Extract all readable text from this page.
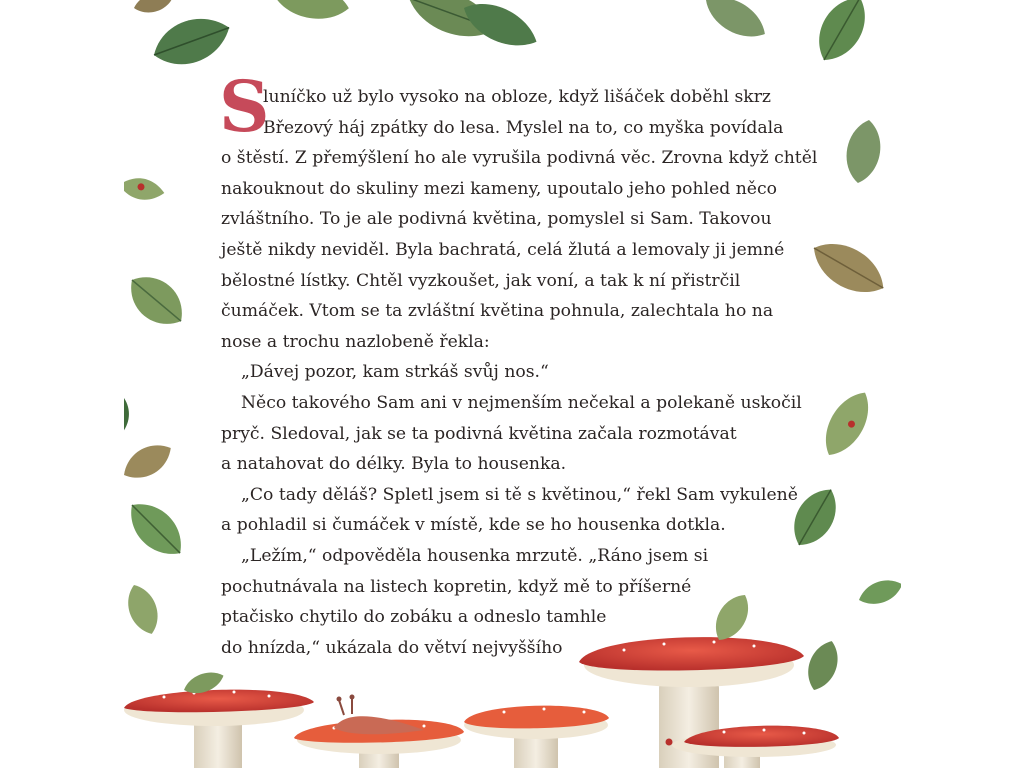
S

luníčko už bylo vysoko na obloze, když lišáček doběhl skrz
Březový háj zpátky do lesa. Myslel na to, co myška povídala
o štěstí. Z přemýšlení ho ale vyrušila podivná věc. Zrovna když chtěl
nakouknout do skuliny mezi kameny, upoutalo jeho pohled něco
zvláštního. To je ale podivná květina, pomyslel si Sam. Takovou
ještě nikdy neviděl. Byla bachratá, celá žlutá a lemovaly ji jemné
bělostné lístky. Chtěl vyzkoušet, jak voní, a tak k ní přistrčil
čumáček. Vtom se ta zvláštní květina pohnula, zalechtala ho na
nose a trochu nazlobeně řekla:
„Dávej pozor, kam strkáš svůj nos.“
Něco takového Sam ani v nejmenším nečekal a polekaně uskočil
pryč. Sledoval, jak se ta podivná květina začala rozmotávat
a natahovat do délky. Byla to housenka.
„Co tady děláš? Spletl jsem si tě s květinou,“ řekl Sam vykuleně
a pohladil si čumáček v místě, kde se ho housenka dotkla.
„Ležím,“ odpověděla housenka mrzutě. „Ráno jsem si
pochutnávala na listech kopretin, když mě to příšerné
ptačisko chytilo do zobáku a odneslo tamhle
do hnízda,“ ukázala do větví nejvyššího
